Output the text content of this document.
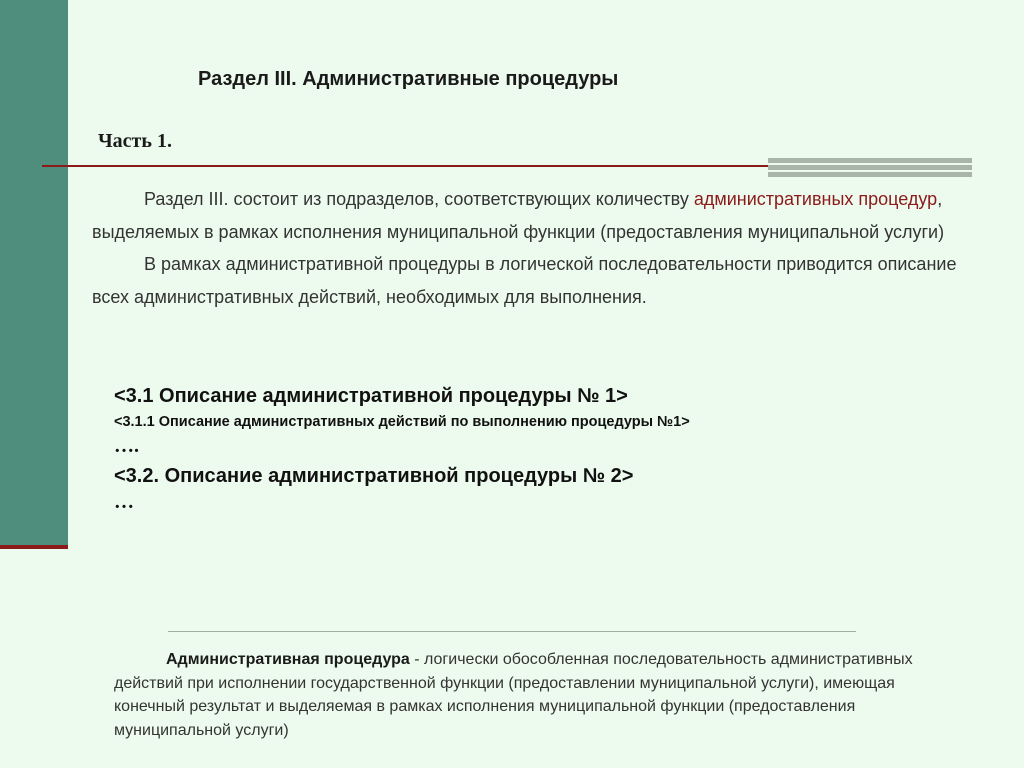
Раздел III. Административные процедуры
Часть 1.

Раздел III. состоит из подразделов, соответствующих количеству административных процедур, выделяемых в рамках исполнения муниципальной функции (предоставления муниципальной услуги)

В рамках административной процедуры в логической последовательности приводится описание всех административных действий, необходимых для выполнения.

<3.1 Описание административной процедуры № 1>
<3.1.1 Описание административных действий по выполнению процедуры №1>
….
<3.2. Описание административной процедуры № 2>
…

Административная процедура - логически обособленная последовательность административных действий при исполнении государственной функции (предоставлении муниципальной услуги), имеющая конечный результат и выделяемая в рамках исполнения муниципальной функции (предоставления муниципальной услуги)
